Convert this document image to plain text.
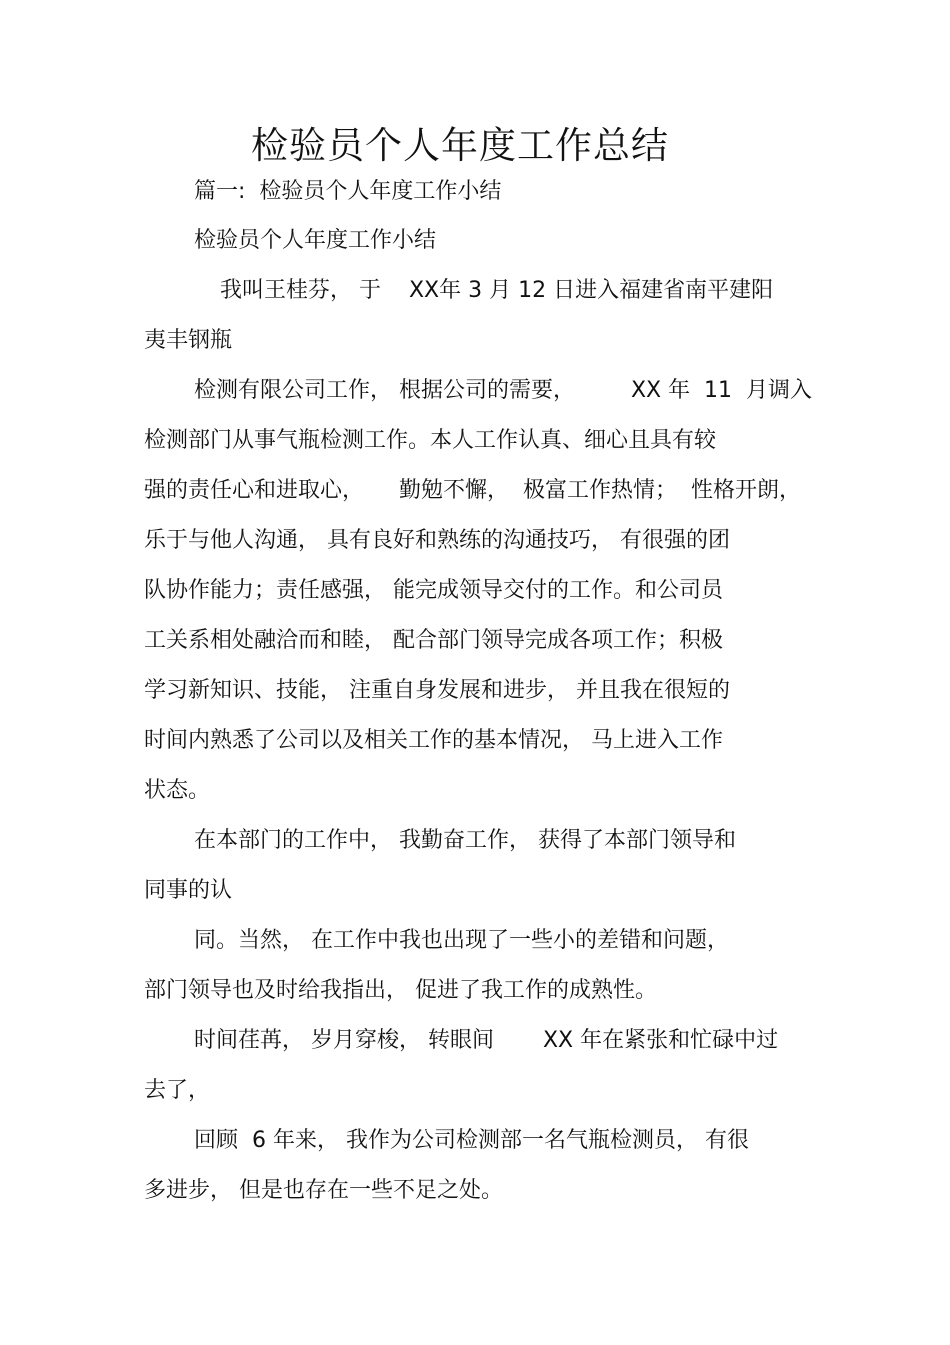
检验员个人年度工作总结
篇一:  检验员个人年度工作小结
检验员个人年度工作小结
我叫王桂芬， 于    XX年 3 月 12 日进入福建省南平建阳
夷丰钢瓶
检测有限公司工作， 根据公司的需要，        XX 年  11  月调入
检测部门从事气瓶检测工作。本人工作认真、细心且具有较
强的责任心和进取心，     勤勉不懈，  极富工作热情；  性格开朗，
乐于与他人沟通， 具有良好和熟练的沟通技巧， 有很强的团
队协作能力；责任感强， 能完成领导交付的工作。和公司员
工关系相处融洽而和睦， 配合部门领导完成各项工作；积极
学习新知识、技能， 注重自身发展和进步， 并且我在很短的
时间内熟悉了公司以及相关工作的基本情况， 马上进入工作
状态。
在本部门的工作中， 我勤奋工作， 获得了本部门领导和
同事的认
同。当然， 在工作中我也出现了一些小的差错和问题，
部门领导也及时给我指出， 促进了我工作的成熟性。
时间荏苒， 岁月穿梭， 转眼间       XX 年在紧张和忙碌中过
去了，
回顾  6 年来， 我作为公司检测部一名气瓶检测员， 有很
多进步， 但是也存在一些不足之处。
